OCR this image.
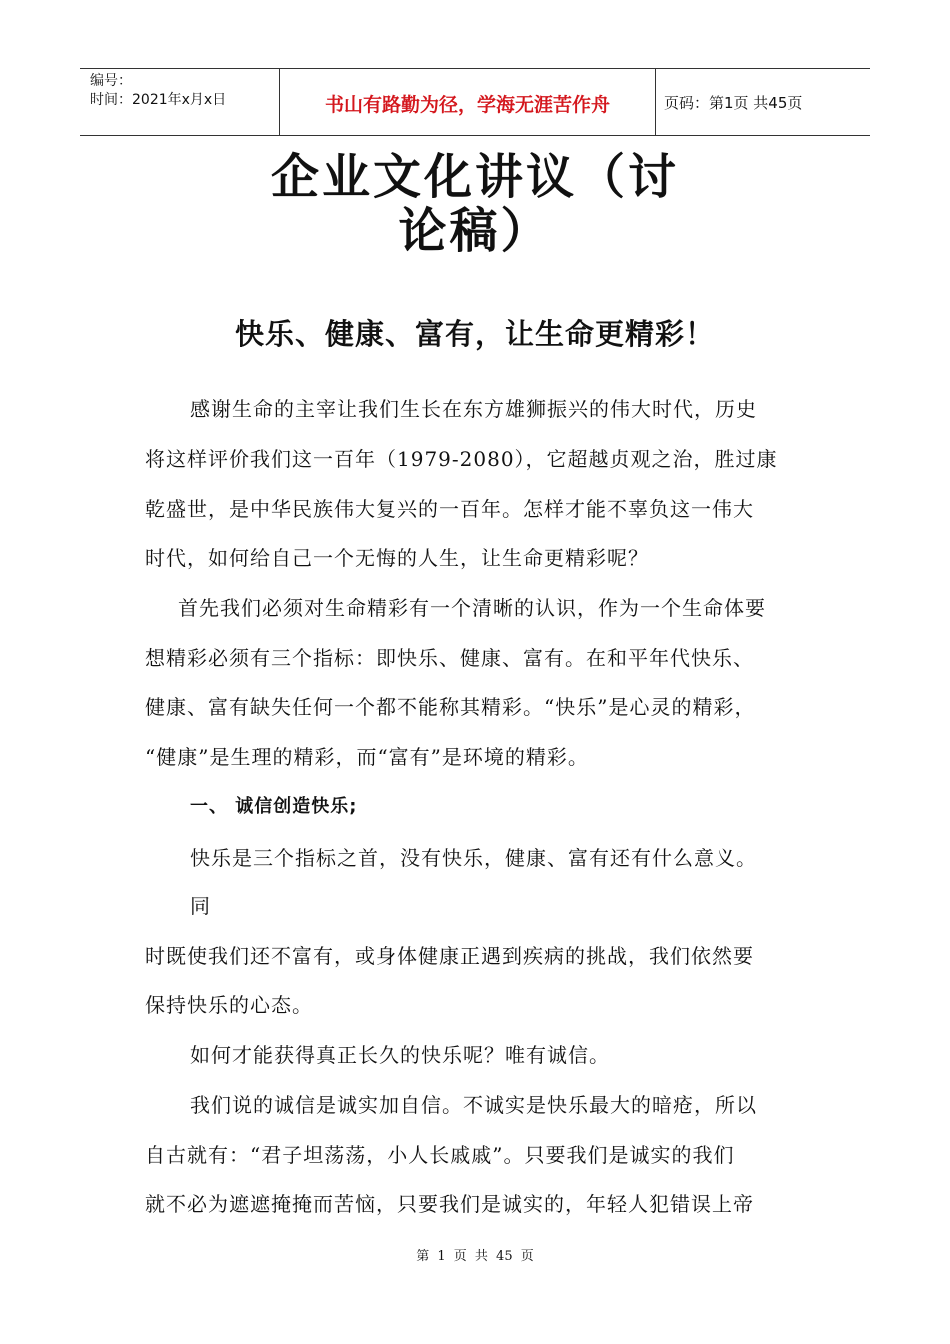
编号：
时间：2021年x月x日	书山有路勤为径，学海无涯苦作舟	页码：第1页 共45页
企业文化讲议（讨
论稿）
快乐、健康、富有，让生命更精彩！
感谢生命的主宰让我们生长在东方雄狮振兴的伟大时代，历史
将这样评价我们这一百年（1979-2080），它超越贞观之治，胜过康
乾盛世，是中华民族伟大复兴的一百年。怎样才能不辜负这一伟大
时代，如何给自己一个无悔的人生，让生命更精彩呢？
首先我们必须对生命精彩有一个清晰的认识，作为一个生命体要
想精彩必须有三个指标：即快乐、健康、富有。在和平年代快乐、
健康、富有缺失任何一个都不能称其精彩。“快乐”是心灵的精彩，
“健康”是生理的精彩，而“富有”是环境的精彩。
一、 诚信创造快乐;
快乐是三个指标之首，没有快乐，健康、富有还有什么意义。
同
时既使我们还不富有，或身体健康正遇到疾病的挑战，我们依然要
保持快乐的心态。
如何才能获得真正长久的快乐呢？唯有诚信。
我们说的诚信是诚实加自信。不诚实是快乐最大的暗疮，所以
自古就有：“君子坦荡荡，小人长戚戚”。只要我们是诚实的我们
就不必为遮遮掩掩而苦恼，只要我们是诚实的，年轻人犯错误上帝
第 1 页 共 45 页
